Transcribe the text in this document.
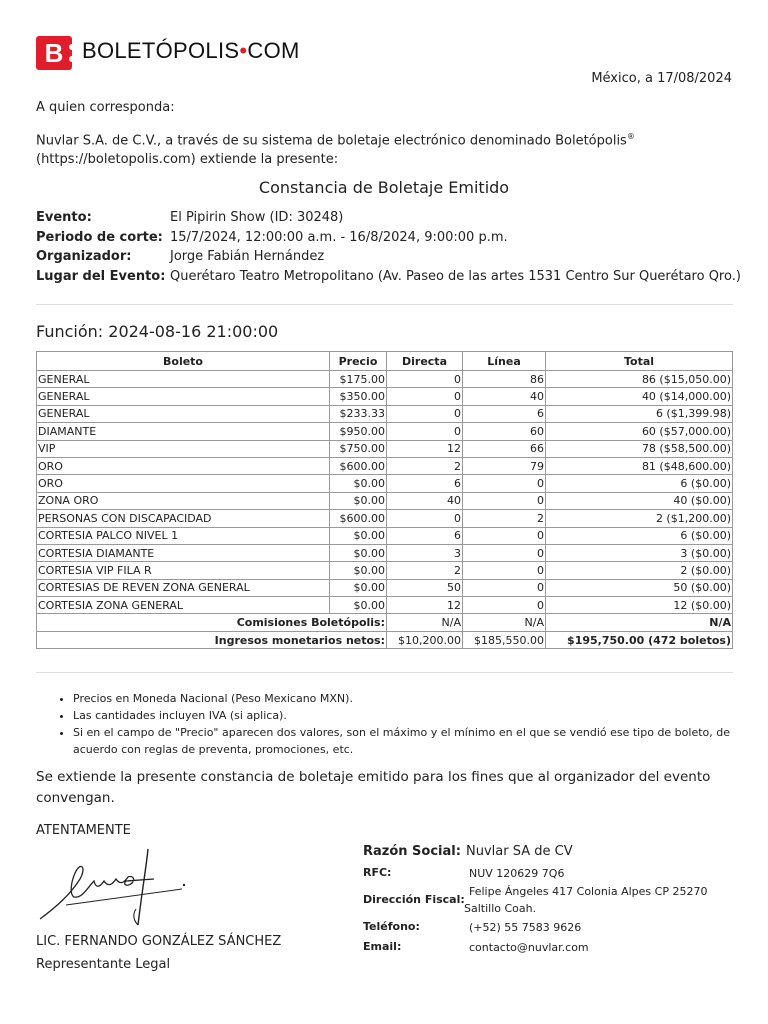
B BOLETÓPOLIS•COM
México, a 17/08/2024
A quien corresponda:
Nuvlar S.A. de C.V., a través de su sistema de boletaje electrónico denominado Boletópolis®
(https://boletopolis.com) extiende la presente:
Constancia de Boletaje Emitido
Evento:	El Pipirin Show (ID: 30248)
Periodo de corte:	15/7/2024, 12:00:00 a.m. - 16/8/2024, 9:00:00 p.m.
Organizador:	Jorge Fabián Hernández
Lugar del Evento:	Querétaro Teatro Metropolitano (Av. Paseo de las artes 1531 Centro Sur Querétaro Qro.)
Función: 2024-08-16 21:00:00
Boleto	Precio	Directa	Línea	Total
GENERAL	$175.00	0	86	86 ($15,050.00)
GENERAL	$350.00	0	40	40 ($14,000.00)
GENERAL	$233.33	0	6	6 ($1,399.98)
DIAMANTE	$950.00	0	60	60 ($57,000.00)
VIP	$750.00	12	66	78 ($58,500.00)
ORO	$600.00	2	79	81 ($48,600.00)
ORO	$0.00	6	0	6 ($0.00)
ZONA ORO	$0.00	40	0	40 ($0.00)
PERSONAS CON DISCAPACIDAD	$600.00	0	2	2 ($1,200.00)
CORTESIA PALCO NIVEL 1	$0.00	6	0	6 ($0.00)
CORTESIA DIAMANTE	$0.00	3	0	3 ($0.00)
CORTESIA VIP FILA R	$0.00	2	0	2 ($0.00)
CORTESIAS DE REVEN ZONA GENERAL	$0.00	50	0	50 ($0.00)
CORTESIA ZONA GENERAL	$0.00	12	0	12 ($0.00)
Comisiones Boletópolis:		N/A	N/A	N/A
Ingresos monetarios netos:		$10,200.00	$185,550.00	$195,750.00 (472 boletos)
• Precios en Moneda Nacional (Peso Mexicano MXN).
• Las cantidades incluyen IVA (si aplica).
• Si en el campo de "Precio" aparecen dos valores, son el máximo y el mínimo en el que se vendió ese tipo de boleto, de acuerdo con reglas de preventa, promociones, etc.
Se extiende la presente constancia de boletaje emitido para los fines que al organizador del evento convengan.
ATENTAMENTE
LIC. FERNANDO GONZÁLEZ SÁNCHEZ
Representante Legal
Razón Social: Nuvlar SA de CV
RFC:	NUV 120629 7Q6
Dirección Fiscal:
Felipe Ángeles 417 Colonia Alpes CP 25270
Saltillo Coah.
Teléfono:	(+52) 55 7583 9626
Email:	contacto@nuvlar.com
